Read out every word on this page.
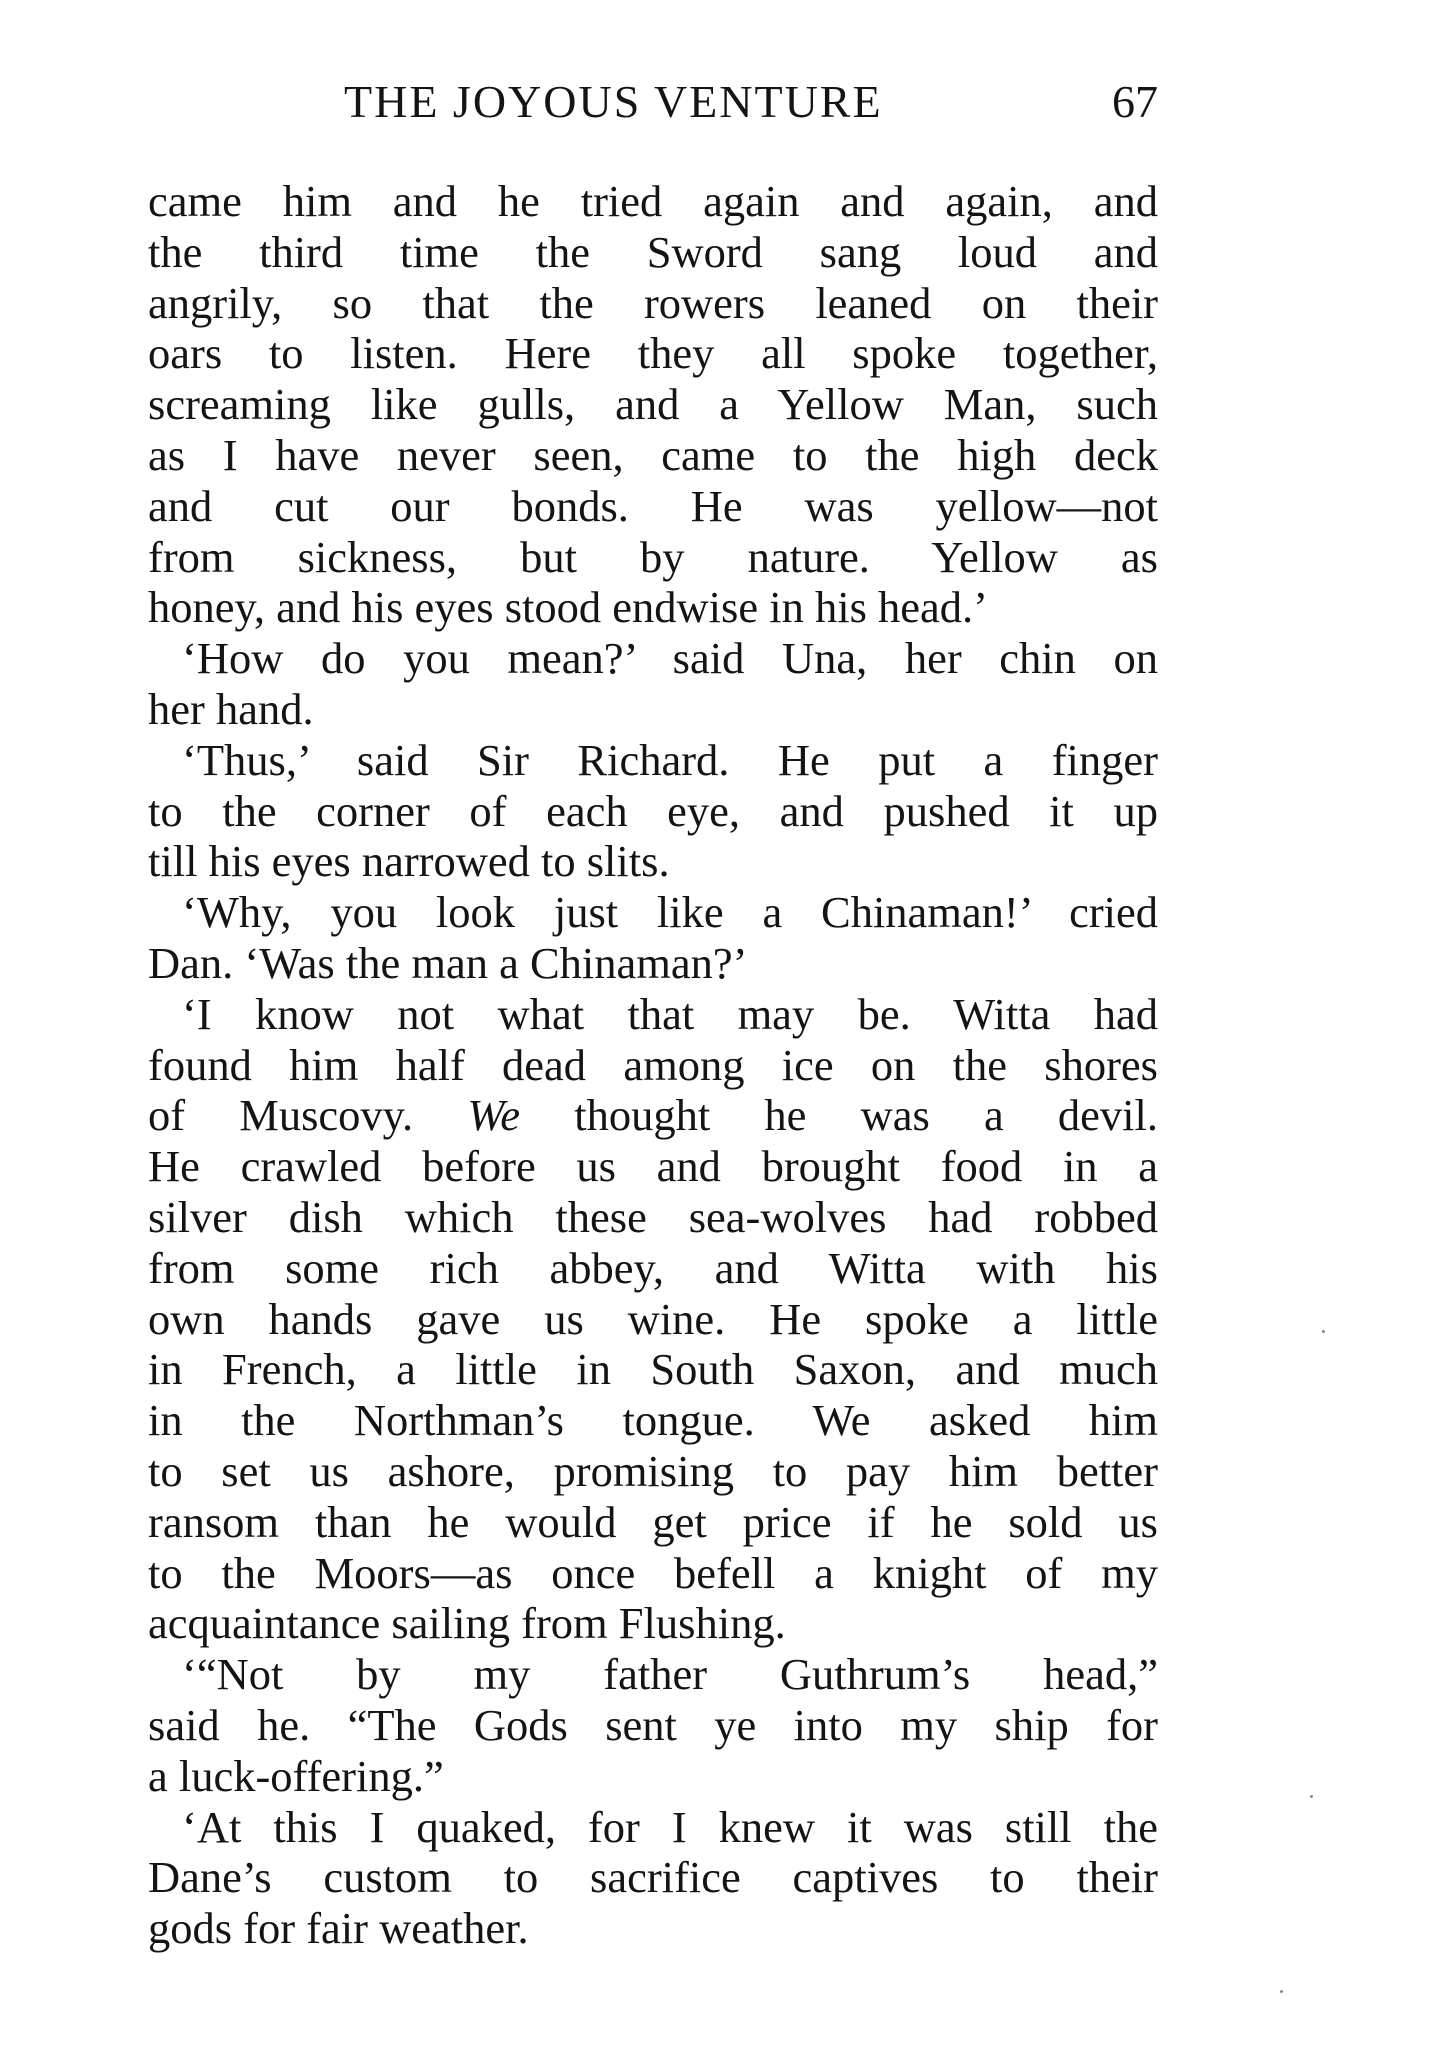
THE JOYOUS VENTURE	67
came him and he tried again and again, and
the third time the Sword sang loud and
angrily, so that the rowers leaned on their
oars to listen. Here they all spoke together,
screaming like gulls, and a Yellow Man, such
as I have never seen, came to the high deck
and cut our bonds. He was yellow—not
from sickness, but by nature. Yellow as
honey, and his eyes stood endwise in his head.’
‘How do you mean?’ said Una, her chin on
her hand.
‘Thus,’ said Sir Richard. He put a finger
to the corner of each eye, and pushed it up
till his eyes narrowed to slits.
‘Why, you look just like a Chinaman!’ cried
Dan. ‘Was the man a Chinaman?’
‘I know not what that may be. Witta had
found him half dead among ice on the shores
of Muscovy. We thought he was a devil.
He crawled before us and brought food in a
silver dish which these sea-wolves had robbed
from some rich abbey, and Witta with his
own hands gave us wine. He spoke a little
in French, a little in South Saxon, and much
in the Northman’s tongue. We asked him
to set us ashore, promising to pay him better
ransom than he would get price if he sold us
to the Moors—as once befell a knight of my
acquaintance sailing from Flushing.
‘“Not by my father Guthrum’s head,”
said he. “The Gods sent ye into my ship for
a luck-offering.”
‘At this I quaked, for I knew it was still the
Dane’s custom to sacrifice captives to their
gods for fair weather.
